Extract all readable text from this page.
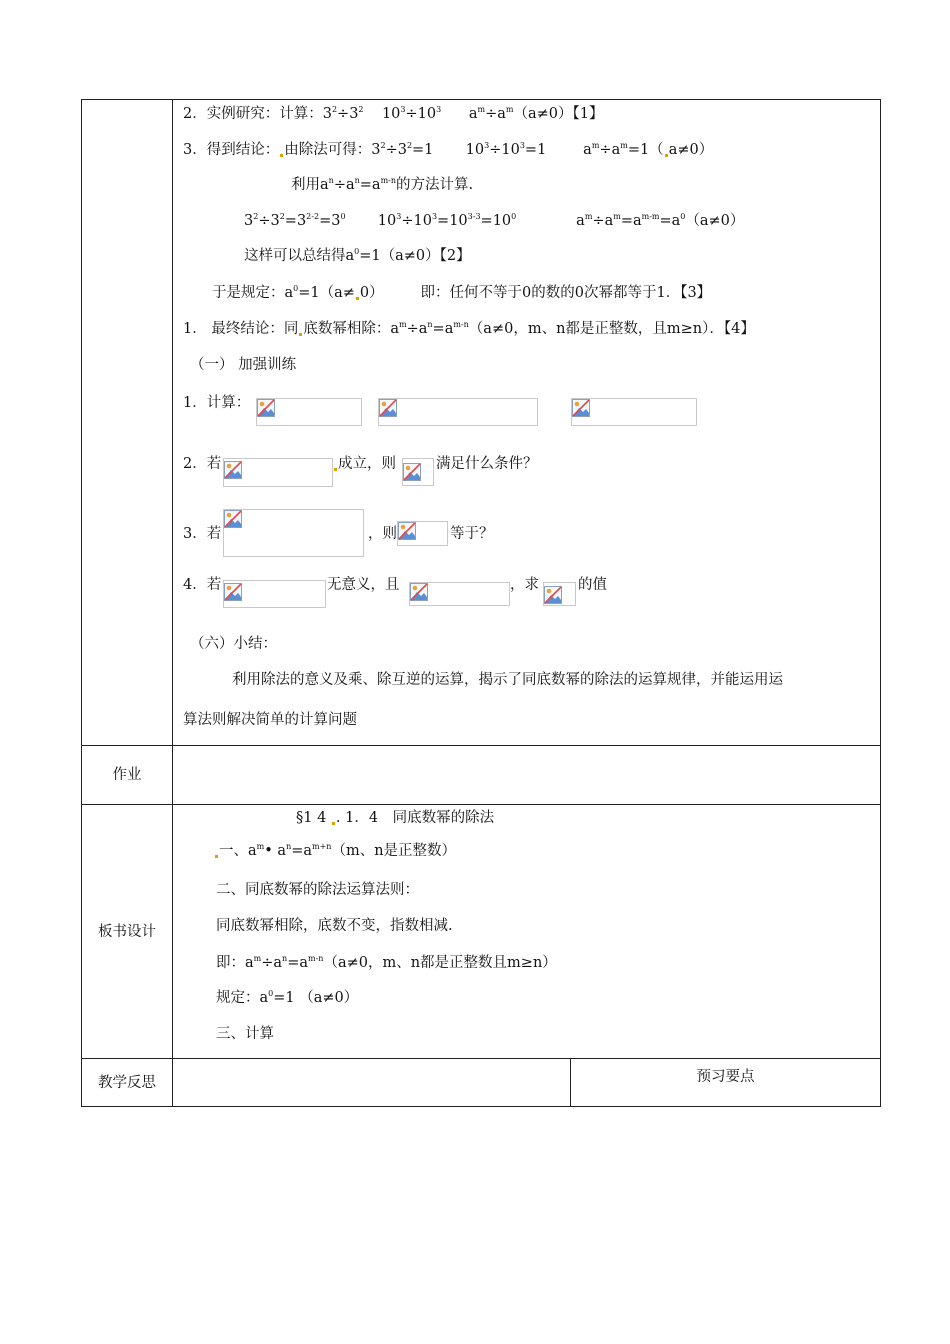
2．实例研究：计算：$3^2\div 3^2$ $10^3\div 10^3$ $a^m\div a^m(a\ne 0)$【1】
3．得到结论： 由除法可得：$3^2\div 3^2=1$ $10^3\div 10^3=1$	$a^m\div a^m=1$（ a≠0）
利用$a^n\div a^n=a^{m-n}$的方法计算.
$3^2\div 3^2=3^{2-2}=3^0$ $10^3\div 10^3=10^{3-3}=10^0$	$a^m\div a^m=a^{m-m}=a^0(a\ne 0)$
这样可以总结得$a^0=1(a\ne 0)$【2】
于是规定：$a^0=1(a\ne 0)$	即：任何不等于0的数的0次幂都等于1．【3】
1． 最终结论：同 底数幂相除：$a^m\div a^n=a^{m-n}(a\ne 0$，m、n都是正整数，且m≥n）．【4】
（一） 加强训练
1．计算：
2．若	成立，则	满足什么条件？
3．若	，则	等于？
4．若	无意义，且	，求	的值
（六）小结：
利用除法的意义及乘、除互逆的运算，揭示了同底数幂的除法的运算规律，并能运用运
算法则解决简单的计算问题
作业
板书设计
§1 4 . 1．4　同底数幂的除法
一、$a^m•$ $a^n=a^{m+n}(m$、n是正整数）
二、同底数幂的除法运算法则：
同底数幂相除，底数不变，指数相减.
即：$a^m\div a^n=a^{m-n}(a\ne 0$，m、n都是正整数且m≥n）
规定：$a^0=1$ （a≠0）
三、计算
教学反思	预习要点
